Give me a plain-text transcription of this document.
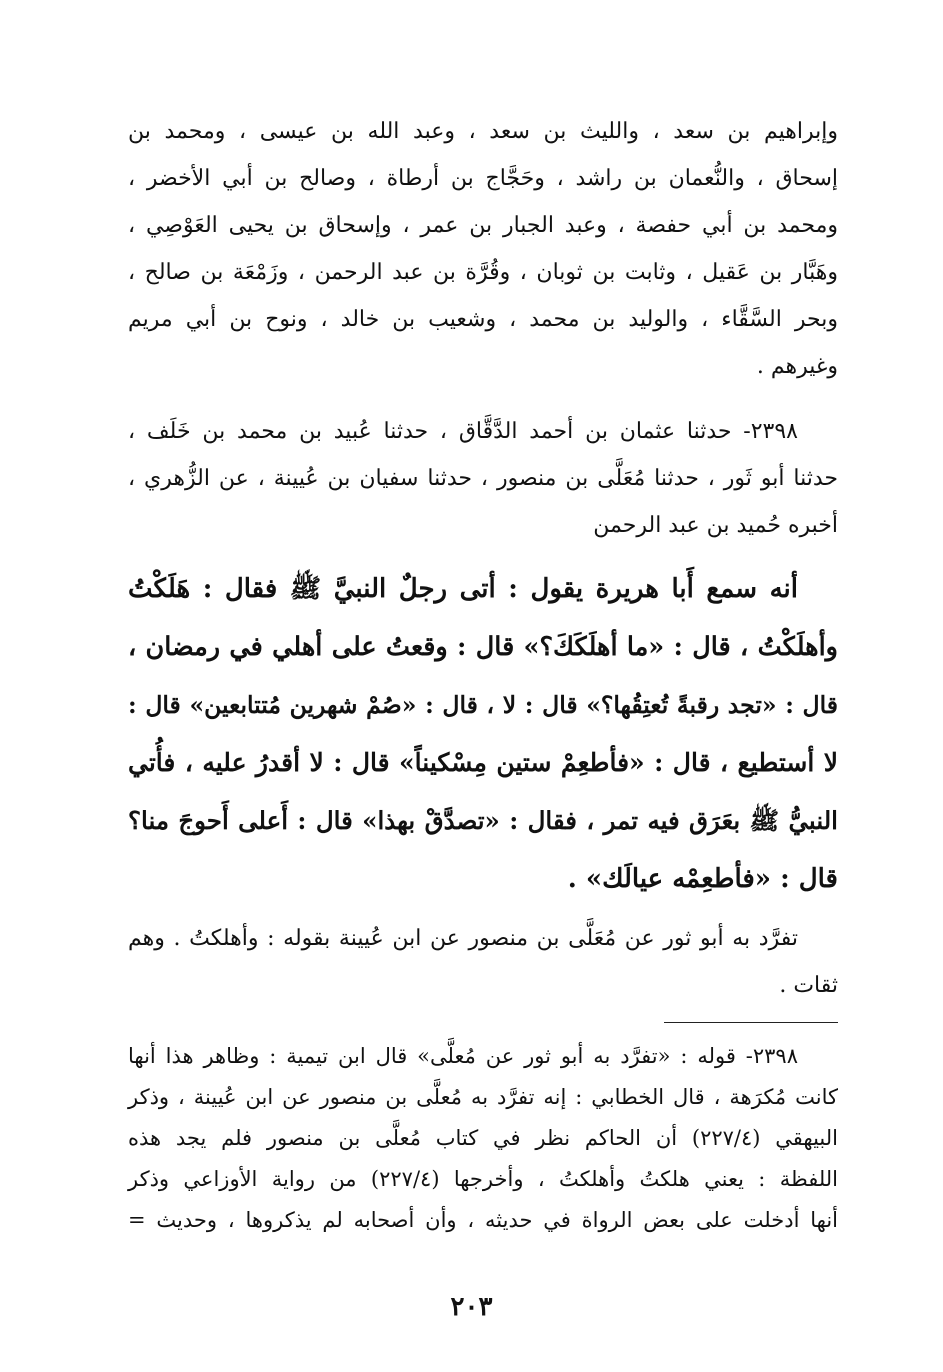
وإبراهيم بن سعد ، والليث بن سعد ، وعبد الله بن عيسى ، ومحمد بن
إسحاق ، والنُّعمان بن راشد ، وحَجَّاج بن أرطاة ، وصالح بن أبي الأخضر ،
ومحمد بن أبي حفصة ، وعبد الجبار بن عمر ، وإسحاق بن يحيى العَوْصِي ،
وهَبَّار بن عَقيل ، وثابت بن ثوبان ، وقُرَّة بن عبد الرحمن ، وزَمْعَة بن صالح ،
وبحر السَّقَّاء ، والوليد بن محمد ، وشعيب بن خالد ، ونوح بن أبي مريم
وغيرهم .
٢٣٩٨- حدثنا عثمان بن أحمد الدَّقَّاق ، حدثنا عُبيد بن محمد بن خَلَف ،
حدثنا أبو ثَور ، حدثنا مُعَلَّى بن منصور ، حدثنا سفيان بن عُيينة ، عن الزُّهري ،
أخبره حُميد بن عبد الرحمن
أنه سمع أَبا هريرة يقول : أتى رجلٌ النبيَّ ﷺ فقال : هَلَكْتُ
وأهلَكْتُ ، قال : «ما أهلَكَكَ؟» قال : وقعتُ على أهلي في رمضان ،
قال : «تجد رقبةً تُعتِقُها؟» قال : لا ، قال : «صُمْ شهرين مُتتابعين» قال :
لا أستطيع ، قال : «فأطعِمْ ستين مِسْكيناً» قال : لا أقدرُ عليه ، فأُتي
النبيُّ ﷺ بعَرَق فيه تمر ، فقال : «تصدَّقْ بهذا» قال : أَعلى أَحوجَ منا؟
قال : «فأطعِمْه عيالَك» .
تفرَّد به أبو ثور عن مُعَلَّى بن منصور عن ابن عُيينة بقوله : وأهلكتُ . وهم
ثقات .
٢٣٩٨- قوله : «تفرَّد به أبو ثور عن مُعلَّى» قال ابن تيمية : وظاهر هذا أنها
كانت مُكرَهة ، قال الخطابي : إنه تفرَّد به مُعلَّى بن منصور عن ابن عُيينة ، وذكر
البيهقي (٢٢٧/٤) أن الحاكم نظر في كتاب مُعلَّى بن منصور فلم يجد هذه
اللفظة : يعني هلكتُ وأهلكتُ ، وأخرجها (٢٢٧/٤) من رواية الأوزاعي وذكر
أنها أدخلت على بعض الرواة في حديثه ، وأن أصحابه لم يذكروها ، وحديث =
٢٠٣
